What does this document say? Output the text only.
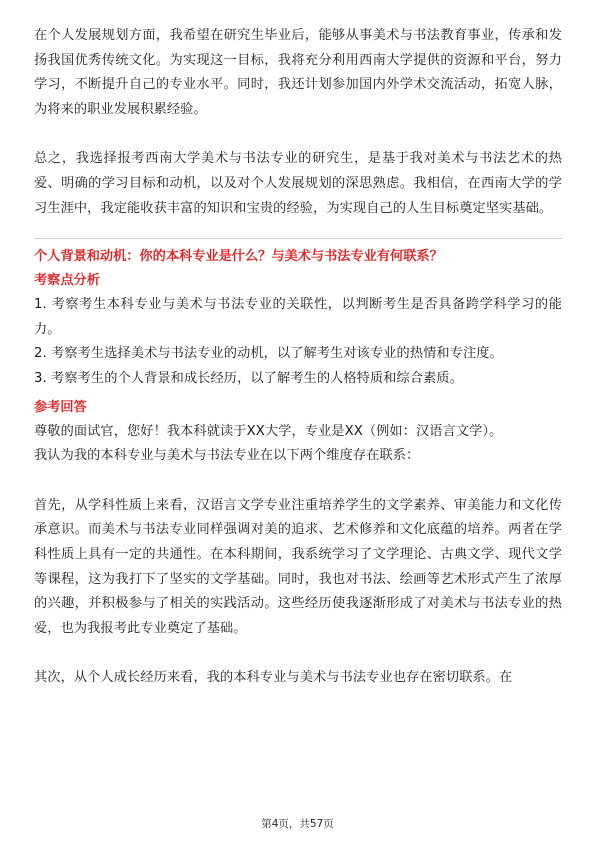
在个人发展规划方面，我希望在研究生毕业后，能够从事美术与书法教育事业，传承和发扬我国优秀传统文化。为实现这一目标，我将充分利用西南大学提供的资源和平台，努力学习，不断提升自己的专业水平。同时，我还计划参加国内外学术交流活动，拓宽人脉，为将来的职业发展积累经验。

总之，我选择报考西南大学美术与书法专业的研究生，是基于我对美术与书法艺术的热爱、明确的学习目标和动机，以及对个人发展规划的深思熟虑。我相信，在西南大学的学习生涯中，我定能收获丰富的知识和宝贵的经验，为实现自己的人生目标奠定坚实基础。

个人背景和动机：你的本科专业是什么？与美术与书法专业有何联系？
考察点分析

1. 考察考生本科专业与美术与书法专业的关联性，以判断考生是否具备跨学科学习的能力。

2. 考察考生选择美术与书法专业的动机，以了解考生对该专业的热情和专注度。

3. 考察考生的个人背景和成长经历，以了解考生的人格特质和综合素质。

参考回答

尊敬的面试官，您好！我本科就读于XX大学，专业是XX（例如：汉语言文学）。

我认为我的本科专业与美术与书法专业在以下两个维度存在联系：

首先，从学科性质上来看，汉语言文学专业注重培养学生的文学素养、审美能力和文化传承意识。而美术与书法专业同样强调对美的追求、艺术修养和文化底蕴的培养。两者在学科性质上具有一定的共通性。在本科期间，我系统学习了文学理论、古典文学、现代文学等课程，这为我打下了坚实的文学基础。同时，我也对书法、绘画等艺术形式产生了浓厚的兴趣，并积极参与了相关的实践活动。这些经历使我逐渐形成了对美术与书法专业的热爱，也为我报考此专业奠定了基础。

其次，从个人成长经历来看，我的本科专业与美术与书法专业也存在密切联系。在

第4页，共57页
